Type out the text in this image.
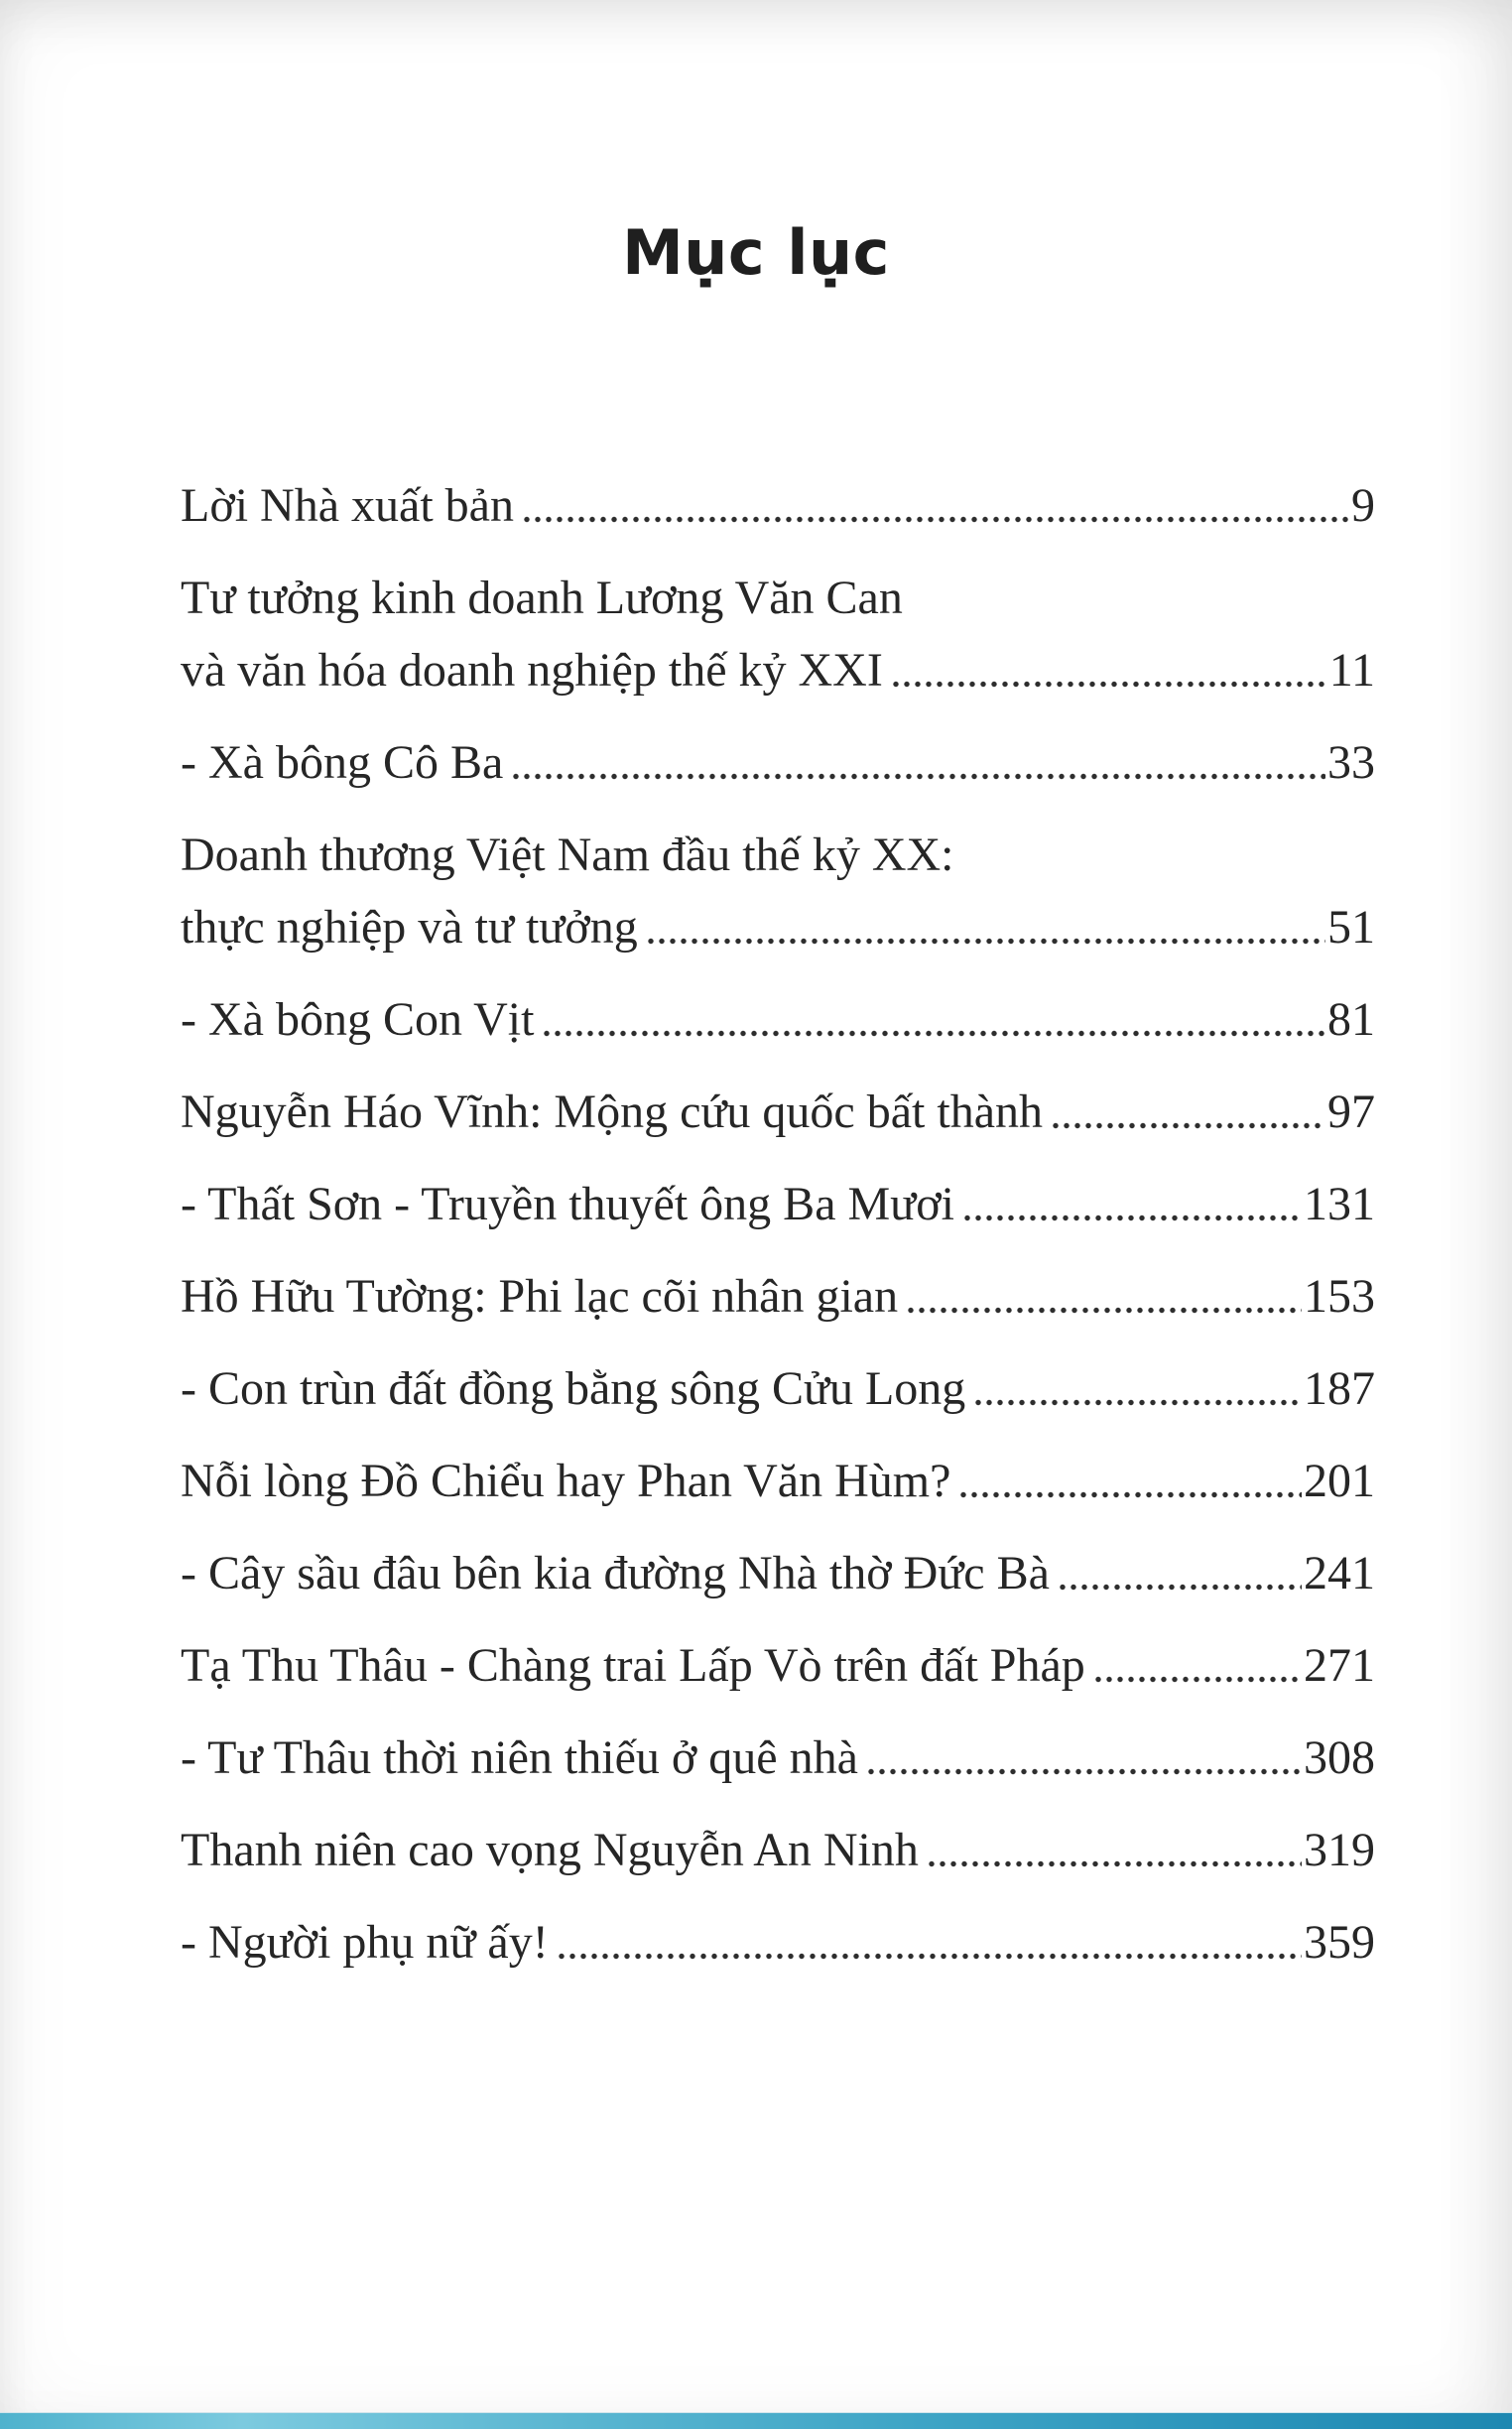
Mục lục
Lời Nhà xuất bản	9
Tư tưởng kinh doanh Lương Văn Can
và văn hóa doanh nghiệp thế kỷ XXI	11
- Xà bông Cô Ba	33
Doanh thương Việt Nam đầu thế kỷ XX:
thực nghiệp và tư tưởng	51
- Xà bông Con Vịt	81
Nguyễn Háo Vĩnh: Mộng cứu quốc bất thành	97
- Thất Sơn - Truyền thuyết ông Ba Mươi	131
Hồ Hữu Tường: Phi lạc cõi nhân gian	153
- Con trùn đất đồng bằng sông Cửu Long	187
Nỗi lòng Đồ Chiểu hay Phan Văn Hùm?	201
- Cây sầu đâu bên kia đường Nhà thờ Đức Bà	241
Tạ Thu Thâu - Chàng trai Lấp Vò trên đất Pháp	271
- Tư Thâu thời niên thiếu ở quê nhà	308
Thanh niên cao vọng Nguyễn An Ninh	319
- Người phụ nữ ấy!	359
